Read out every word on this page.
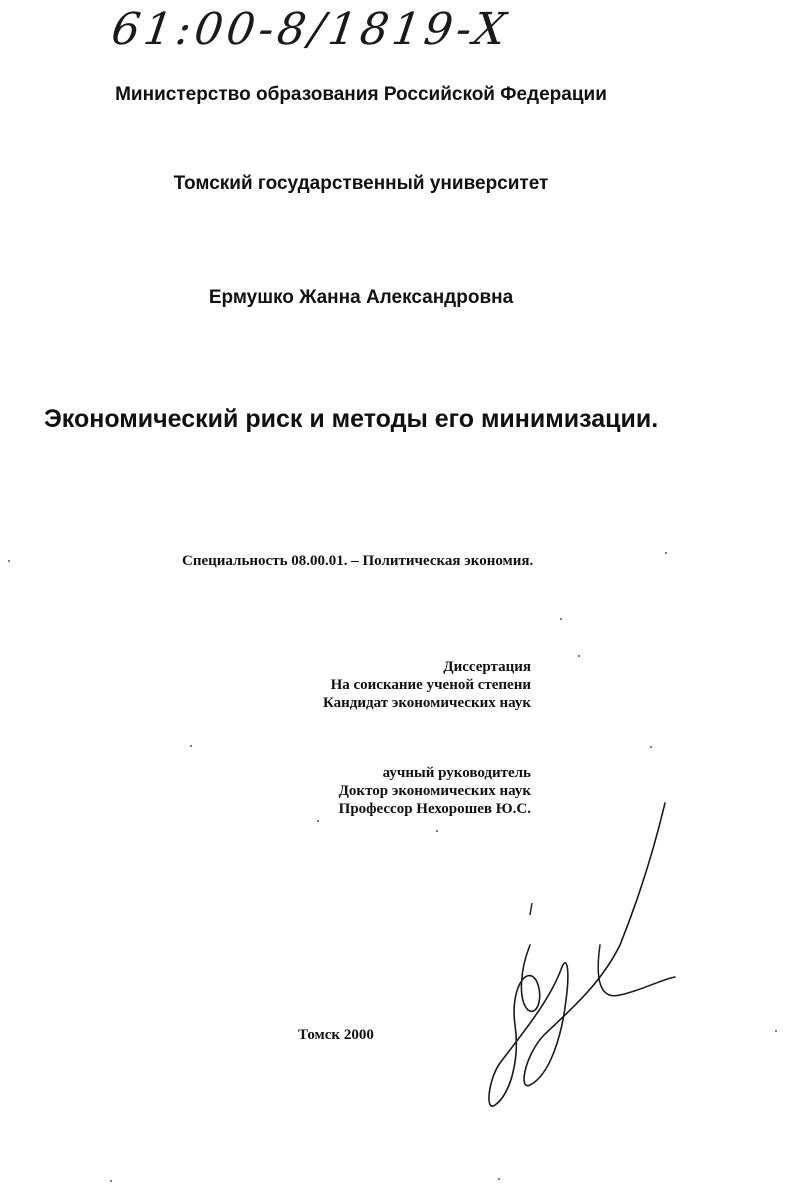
61:00-8/1819-X
Министерство образования Российской Федерации
Томский государственный университет
Ермушко Жанна Александровна
Экономический риск и методы его минимизации.
Специальность 08.00.01. – Политическая экономия.
Диссертация
На соискание ученой степени
Кандидат экономических наук
аучный руководитель
Доктор экономических наук
Профессор Нехорошев Ю.С.
Томск 2000
